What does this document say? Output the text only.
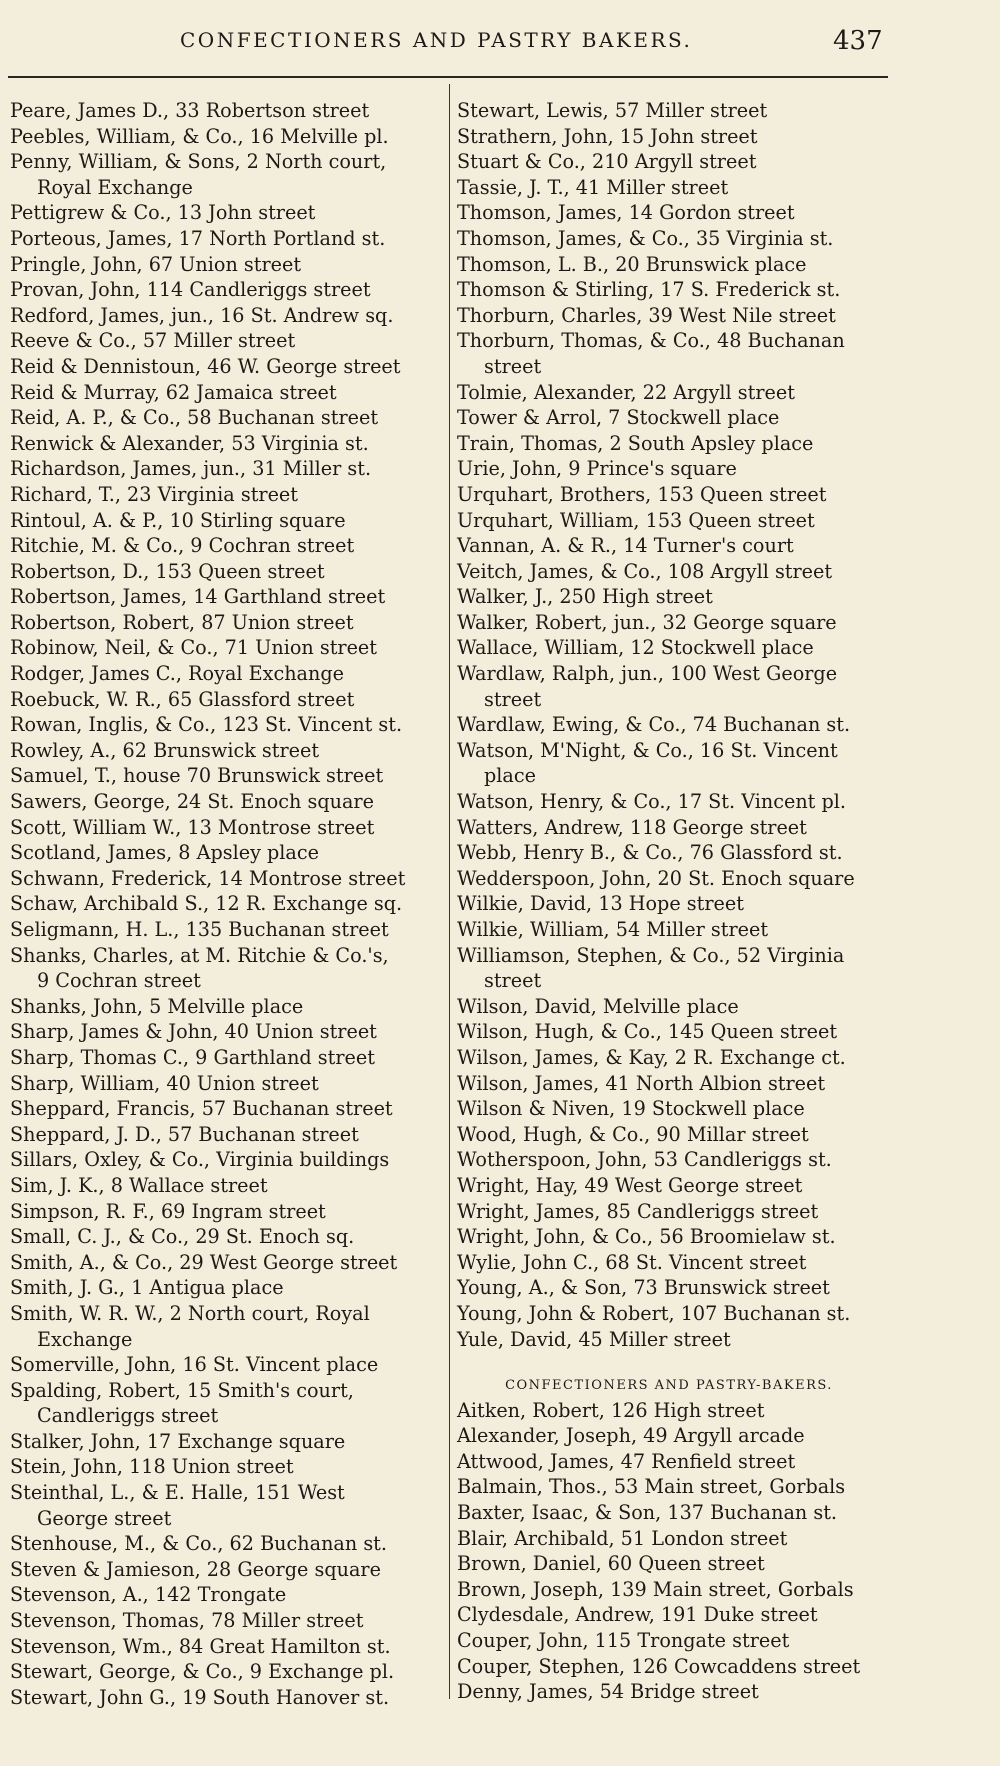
CONFECTIONERS AND PASTRY BAKERS.	437
Peare, James D., 33 Robertson street
Peebles, William, & Co., 16 Melville pl.
Penny, William, & Sons, 2 North court,
Royal Exchange
Pettigrew & Co., 13 John street
Porteous, James, 17 North Portland st.
Pringle, John, 67 Union street
Provan, John, 114 Candleriggs street
Redford, James, jun., 16 St. Andrew sq.
Reeve & Co., 57 Miller street
Reid & Dennistoun, 46 W. George street
Reid & Murray, 62 Jamaica street
Reid, A. P., & Co., 58 Buchanan street
Renwick & Alexander, 53 Virginia st.
Richardson, James, jun., 31 Miller st.
Richard, T., 23 Virginia street
Rintoul, A. & P., 10 Stirling square
Ritchie, M. & Co., 9 Cochran street
Robertson, D., 153 Queen street
Robertson, James, 14 Garthland street
Robertson, Robert, 87 Union street
Robinow, Neil, & Co., 71 Union street
Rodger, James C., Royal Exchange
Roebuck, W. R., 65 Glassford street
Rowan, Inglis, & Co., 123 St. Vincent st.
Rowley, A., 62 Brunswick street
Samuel, T., house 70 Brunswick street
Sawers, George, 24 St. Enoch square
Scott, William W., 13 Montrose street
Scotland, James, 8 Apsley place
Schwann, Frederick, 14 Montrose street
Schaw, Archibald S., 12 R. Exchange sq.
Seligmann, H. L., 135 Buchanan street
Shanks, Charles, at M. Ritchie & Co.'s,
9 Cochran street
Shanks, John, 5 Melville place
Sharp, James & John, 40 Union street
Sharp, Thomas C., 9 Garthland street
Sharp, William, 40 Union street
Sheppard, Francis, 57 Buchanan street
Sheppard, J. D., 57 Buchanan street
Sillars, Oxley, & Co., Virginia buildings
Sim, J. K., 8 Wallace street
Simpson, R. F., 69 Ingram street
Small, C. J., & Co., 29 St. Enoch sq.
Smith, A., & Co., 29 West George street
Smith, J. G., 1 Antigua place
Smith, W. R. W., 2 North court, Royal
Exchange
Somerville, John, 16 St. Vincent place
Spalding, Robert, 15 Smith's court,
Candleriggs street
Stalker, John, 17 Exchange square
Stein, John, 118 Union street
Steinthal, L., & E. Halle, 151 West
George street
Stenhouse, M., & Co., 62 Buchanan st.
Steven & Jamieson, 28 George square
Stevenson, A., 142 Trongate
Stevenson, Thomas, 78 Miller street
Stevenson, Wm., 84 Great Hamilton st.
Stewart, George, & Co., 9 Exchange pl.
Stewart, John G., 19 South Hanover st.
Stewart, Lewis, 57 Miller street
Strathern, John, 15 John street
Stuart & Co., 210 Argyll street
Tassie, J. T., 41 Miller street
Thomson, James, 14 Gordon street
Thomson, James, & Co., 35 Virginia st.
Thomson, L. B., 20 Brunswick place
Thomson & Stirling, 17 S. Frederick st.
Thorburn, Charles, 39 West Nile street
Thorburn, Thomas, & Co., 48 Buchanan
street
Tolmie, Alexander, 22 Argyll street
Tower & Arrol, 7 Stockwell place
Train, Thomas, 2 South Apsley place
Urie, John, 9 Prince's square
Urquhart, Brothers, 153 Queen street
Urquhart, William, 153 Queen street
Vannan, A. & R., 14 Turner's court
Veitch, James, & Co., 108 Argyll street
Walker, J., 250 High street
Walker, Robert, jun., 32 George square
Wallace, William, 12 Stockwell place
Wardlaw, Ralph, jun., 100 West George
street
Wardlaw, Ewing, & Co., 74 Buchanan st.
Watson, M'Night, & Co., 16 St. Vincent
place
Watson, Henry, & Co., 17 St. Vincent pl.
Watters, Andrew, 118 George street
Webb, Henry B., & Co., 76 Glassford st.
Wedderspoon, John, 20 St. Enoch square
Wilkie, David, 13 Hope street
Wilkie, William, 54 Miller street
Williamson, Stephen, & Co., 52 Virginia
street
Wilson, David, Melville place
Wilson, Hugh, & Co., 145 Queen street
Wilson, James, & Kay, 2 R. Exchange ct.
Wilson, James, 41 North Albion street
Wilson & Niven, 19 Stockwell place
Wood, Hugh, & Co., 90 Millar street
Wotherspoon, John, 53 Candleriggs st.
Wright, Hay, 49 West George street
Wright, James, 85 Candleriggs street
Wright, John, & Co., 56 Broomielaw st.
Wylie, John C., 68 St. Vincent street
Young, A., & Son, 73 Brunswick street
Young, John & Robert, 107 Buchanan st.
Yule, David, 45 Miller street
CONFECTIONERS AND PASTRY-BAKERS.
Aitken, Robert, 126 High street
Alexander, Joseph, 49 Argyll arcade
Attwood, James, 47 Renfield street
Balmain, Thos., 53 Main street, Gorbals
Baxter, Isaac, & Son, 137 Buchanan st.
Blair, Archibald, 51 London street
Brown, Daniel, 60 Queen street
Brown, Joseph, 139 Main street, Gorbals
Clydesdale, Andrew, 191 Duke street
Couper, John, 115 Trongate street
Couper, Stephen, 126 Cowcaddens street
Denny, James, 54 Bridge street
